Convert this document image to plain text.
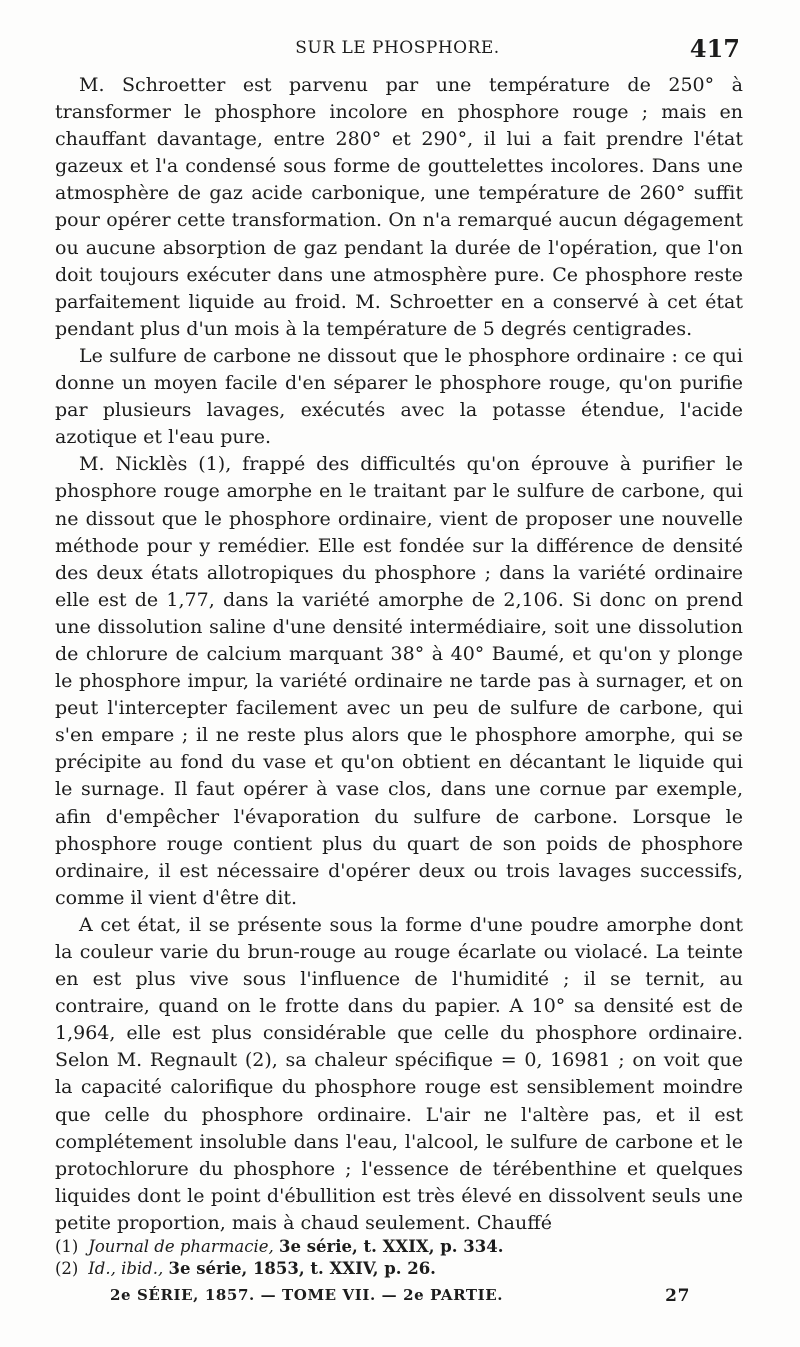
SUR LE PHOSPHORE.	417

M. Schroetter est parvenu par une température de 250° à transformer le phosphore incolore en phosphore rouge ; mais en chauffant davantage, entre 280° et 290°, il lui a fait prendre l'état gazeux et l'a condensé sous forme de gouttelettes incolores. Dans une atmosphère de gaz acide carbonique, une température de 260° suffit pour opérer cette transformation. On n'a remarqué aucun dégagement ou aucune absorption de gaz pendant la durée de l'opération, que l'on doit toujours exécuter dans une atmosphère pure. Ce phosphore reste parfaitement liquide au froid. M. Schroetter en a conservé à cet état pendant plus d'un mois à la température de 5 degrés centigrades.

Le sulfure de carbone ne dissout que le phosphore ordinaire : ce qui donne un moyen facile d'en séparer le phosphore rouge, qu'on purifie par plusieurs lavages, exécutés avec la potasse étendue, l'acide azotique et l'eau pure.

M. Nicklès (1), frappé des difficultés qu'on éprouve à purifier le phosphore rouge amorphe en le traitant par le sulfure de carbone, qui ne dissout que le phosphore ordinaire, vient de proposer une nouvelle méthode pour y remédier. Elle est fondée sur la différence de densité des deux états allotropiques du phosphore ; dans la variété ordinaire elle est de 1,77, dans la variété amorphe de 2,106. Si donc on prend une dissolution saline d'une densité intermédiaire, soit une dissolution de chlorure de calcium marquant 38° à 40° Baumé, et qu'on y plonge le phosphore impur, la variété ordinaire ne tarde pas à surnager, et on peut l'intercepter facilement avec un peu de sulfure de carbone, qui s'en empare ; il ne reste plus alors que le phosphore amorphe, qui se précipite au fond du vase et qu'on obtient en décantant le liquide qui le surnage. Il faut opérer à vase clos, dans une cornue par exemple, afin d'empêcher l'évaporation du sulfure de carbone. Lorsque le phosphore rouge contient plus du quart de son poids de phosphore ordinaire, il est nécessaire d'opérer deux ou trois lavages successifs, comme il vient d'être dit.

A cet état, il se présente sous la forme d'une poudre amorphe dont la couleur varie du brun-rouge au rouge écarlate ou violacé. La teinte en est plus vive sous l'influence de l'humidité ; il se ternit, au contraire, quand on le frotte dans du papier. A 10° sa densité est de 1,964, elle est plus considérable que celle du phosphore ordinaire. Selon M. Regnault (2), sa chaleur spécifique = 0, 16981 ; on voit que la capacité calorifique du phosphore rouge est sensiblement moindre que celle du phosphore ordinaire. L'air ne l'altère pas, et il est complétement insoluble dans l'eau, l'alcool, le sulfure de carbone et le protochlorure du phosphore ; l'essence de térébenthine et quelques liquides dont le point d'ébullition est très élevé en dissolvent seuls une petite proportion, mais à chaud seulement. Chauffé

(1) Journal de pharmacie, 3e série, t. XXIX, p. 334.

(2) Id., ibid., 3e série, 1853, t. XXIV, p. 26.

2e SÉRIE, 1857. — TOME VII. — 2e PARTIE.	27
